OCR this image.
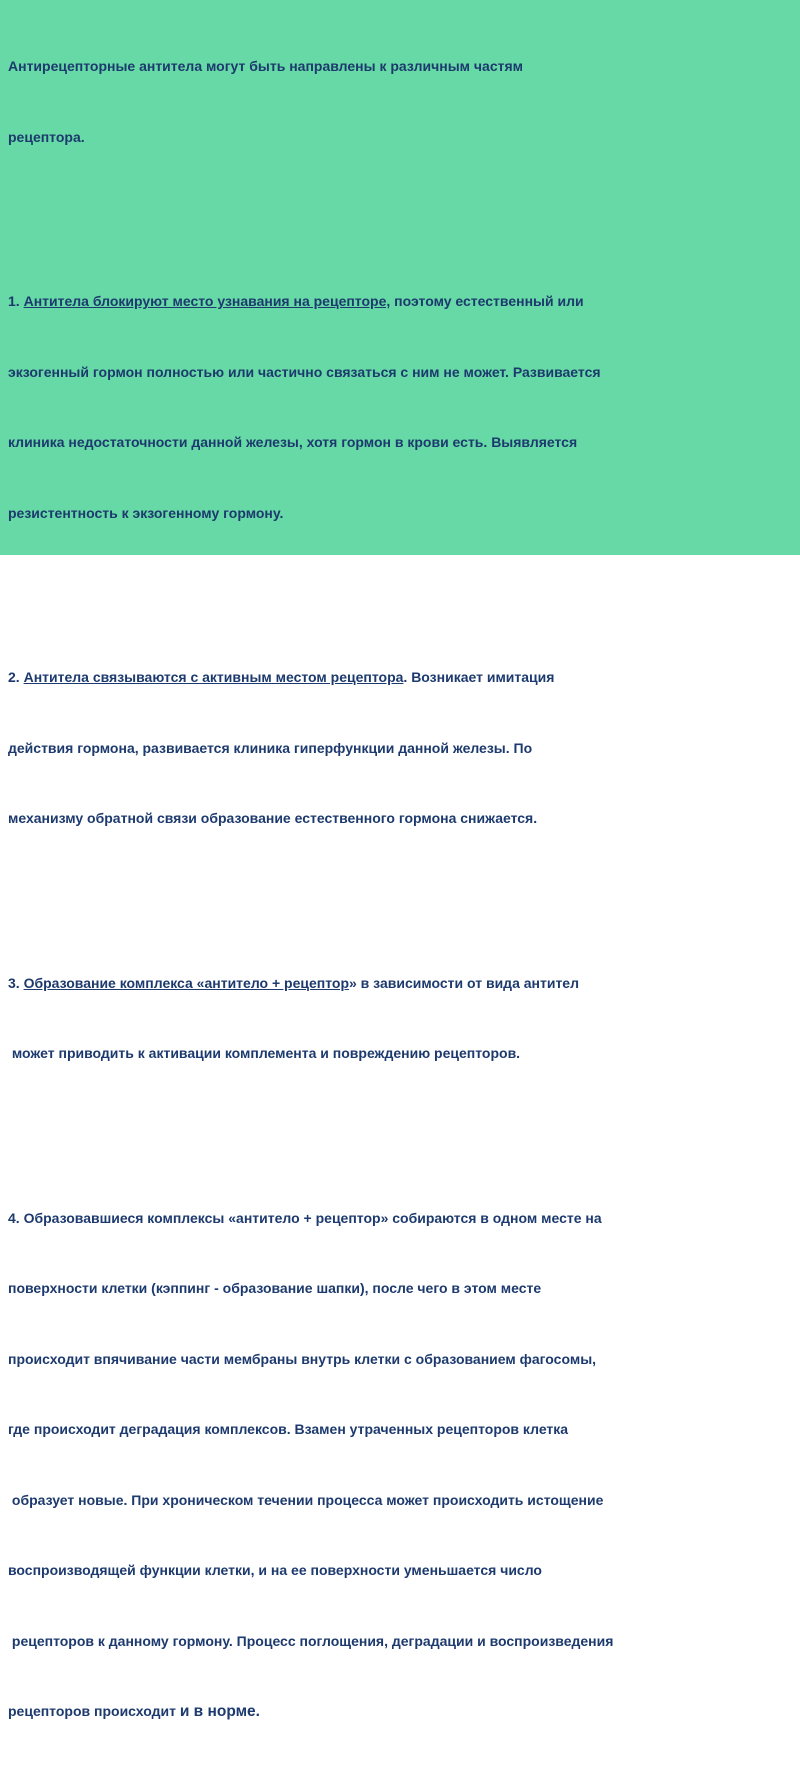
Антирецепторные антитела могут быть направлены к различным частям

рецептора.

1. Антитела блокируют место узнавания на рецепторе, поэтому естественный или

экзогенный гормон полностью или частично связаться с ним не может. Развивается

клиника недостаточности данной железы, хотя гормон в крови есть. Выявляется

резистентность к экзогенному гормону.

2. Антитела связываются с активным местом рецептора. Возникает имитация

действия гормона, развивается клиника гиперфункции данной железы. По

механизму обратной связи образование естественного гормона снижается.

3. Образование комплекса «антитело + рецептор» в зависимости от вида антител

может приводить к активации комплемента и повреждению рецепторов.

4. Образовавшиеся комплексы «антитело + рецептор» собираются в одном месте на

поверхности клетки (кэппинг - образование шапки), после чего в этом месте

происходит впячивание части мембраны внутрь клетки с образованием фагосомы,

где происходит деградация комплексов. Взамен утраченных рецепторов клетка

образует новые. При хроническом течении процесса может происходить истощение

воспроизводящей функции клетки, и на ее поверхности уменьшается число

рецепторов к данному гормону. Процесс поглощения, деградации и воспроизведения

рецепторов происходит и в норме.
